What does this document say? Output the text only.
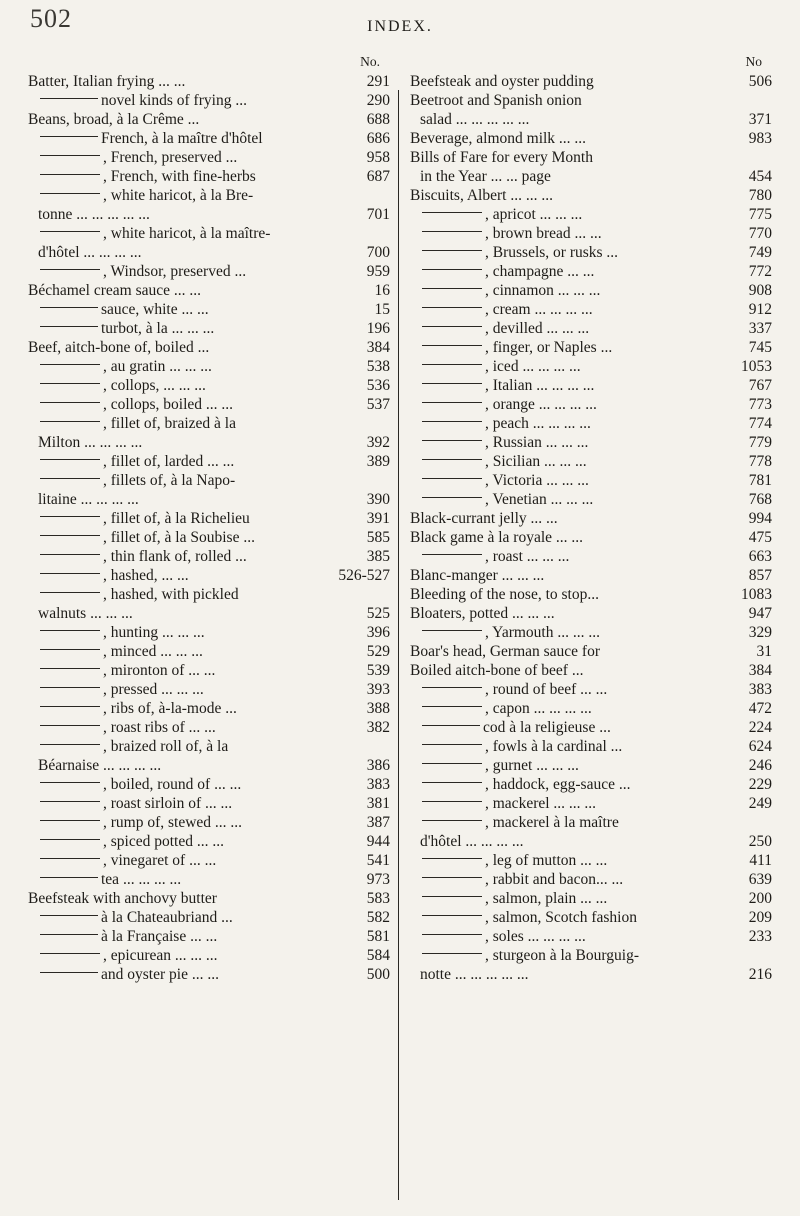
502	INDEX.
No.
Batter, Italian frying ... ...	291
novel kinds of frying ...	290
Beans, broad, à la Crême ...	688
French, à la maître d'hôtel	686
, French, preserved ...	958
, French, with fine-herbs	687
, white haricot, à la Bre-
tonne ... ... ... ... ...	701
, white haricot, à la maître-
d'hôtel ... ... ... ...	700
, Windsor, preserved ...	959
Béchamel cream sauce ... ...	16
sauce, white ... ...	15
turbot, à la ... ... ...	196
Beef, aitch-bone of, boiled ...	384
, au gratin ... ... ...	538
, collops, ... ... ...	536
, collops, boiled ... ...	537
, fillet of, braized à la
Milton ... ... ... ...	392
, fillet of, larded ... ...	389
, fillets of, à la Napo-
litaine ... ... ... ...	390
, fillet of, à la Richelieu	391
, fillet of, à la Soubise ...	585
, thin flank of, rolled ...	385
, hashed, ... ...	526-527
, hashed, with pickled
walnuts ... ... ...	525
, hunting ... ... ...	396
, minced ... ... ...	529
, mironton of ... ...	539
, pressed ... ... ...	393
, ribs of, à-la-mode ...	388
, roast ribs of ... ...	382
, braized roll of, à la
Béarnaise ... ... ... ...	386
, boiled, round of ... ...	383
, roast sirloin of ... ...	381
, rump of, stewed ... ...	387
, spiced potted ... ...	944
, vinegaret of ... ...	541
tea ... ... ... ...	973
Beefsteak with anchovy butter	583
à la Chateaubriand ...	582
à la Française ... ...	581
, epicurean ... ... ...	584
and oyster pie ... ...	500
No
Beefsteak and oyster pudding	506
Beetroot and Spanish onion
salad ... ... ... ... ...	371
Beverage, almond milk ... ...	983
Bills of Fare for every Month
in the Year ... ... page	454
Biscuits, Albert ... ... ...	780
, apricot ... ... ...	775
, brown bread ... ...	770
, Brussels, or rusks ...	749
, champagne ... ...	772
, cinnamon ... ... ...	908
, cream ... ... ... ...	912
, devilled ... ... ...	337
, finger, or Naples ...	745
, iced ... ... ... ...	1053
, Italian ... ... ... ...	767
, orange ... ... ... ...	773
, peach ... ... ... ...	774
, Russian ... ... ...	779
, Sicilian ... ... ...	778
, Victoria ... ... ...	781
, Venetian ... ... ...	768
Black-currant jelly ... ...	994
Black game à la royale ... ...	475
, roast ... ... ...	663
Blanc-manger ... ... ...	857
Bleeding of the nose, to stop...	1083
Bloaters, potted ... ... ...	947
, Yarmouth ... ... ...	329
Boar's head, German sauce for	31
Boiled aitch-bone of beef ...	384
, round of beef ... ...	383
, capon ... ... ... ...	472
cod à la religieuse ...	224
, fowls à la cardinal ...	624
, gurnet ... ... ...	246
, haddock, egg-sauce ...	229
, mackerel ... ... ...	249
, mackerel à la maître
d'hôtel ... ... ... ...	250
, leg of mutton ... ...	411
, rabbit and bacon... ...	639
, salmon, plain ... ...	200
, salmon, Scotch fashion	209
, soles ... ... ... ...	233
, sturgeon à la Bourguig-
notte ... ... ... ... ...	216
